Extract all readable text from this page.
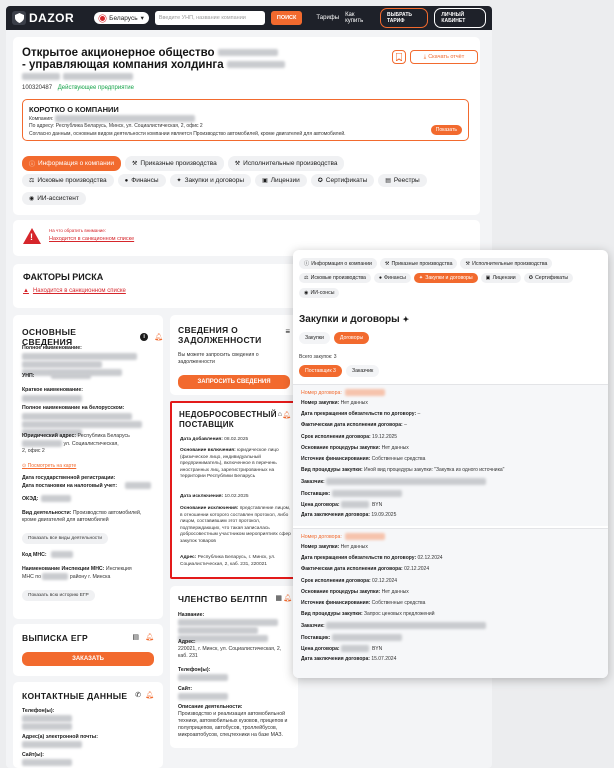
DAZOR	Беларусь ▾
Введите УНП, название компании	ПОИСК	Тарифы Как купить
ВЫБРАТЬ ТАРИФ
ЛИЧНЫЙ КАБИНЕТ
Открытое акционерное общество
- управляющая компания холдинга

100320487 Действующее предприятие
⤓ Скачать отчёт
КОРОТКО О КОМПАНИИ
Компания:
По адресу: Республика Беларусь, Минск, ул. Социалистическая, 2, офис 2
Согласно данным, основным видом деятельности компании является Производство автомобилей, кроме двигателей для автомобилей.
Показать
ⓘ Информация о компании	⚒ Приказные производства	⚒ Исполнительные производства
⚖ Исковые производства	● Финансы	✦ Закупки и договоры	▣ Лицензии	✪ Сертификаты	▤ Реестры
◉ ИИ-ассистент
!
На что обратить внимание:
Находится в санкционном списке
ФАКТОРЫ РИСКА
▲ Находится в санкционном списке
ОСНОВНЫЕ СВЕДЕНИЯ	i	🔔︎
Полное наименование:

УНП:
Краткое наименование:
Полное наименование на белорусском:

Юридический адрес: Республика Беларусь
ул. Социалистическая,
2, офис 2
⊙ Посмотреть на карте
Дата государственной регистрации:
Дата постановки на налоговый учет:
ОКЭД:
Вид деятельности: Производство автомобилей,
кроме двигателей для автомобилей
Показать все виды деятельности
Код МНС:
Наименование Инспекции МНС: Инспекция
МНС по	району г. Минска
Показать всю историю ЕГР
СВЕДЕНИЯ О ЗАДОЛЖЕННОСТИ
≡
Вы можете запросить сведения о задолженности
ЗАПРОСИТЬ СВЕДЕНИЯ
НЕДОБРОСОВЕСТНЫЙ
ПОСТАВЩИК
⌂ 🔔︎
Дата добавления: 08.02.2025
Основание включения: юридическое лицо (физическое лицо, индивидуальный предприниматель), включенное в перечень иностранных лиц, зарегистрированных на территории Республики Беларусь
Дата исключения: 10.02.2025
Основание исключения: представление лицом, в отношении которого составлен протокол, либо лицом, составившим этот протокол, подтверждающих, что такая записалась добросовестным участником мероприятиях сфер закупок товаров
Адрес: Республика Беларусь, г. Минск, ул. Социалистическая, 2, каб. 231, 220021
ЧЛЕНСТВО БЕЛТПП ▦ 🔔︎
Название:

Адрес:
220021, г. Минск, ул. Социалистическая, 2, каб. 231
Телефон(ы):
Сайт:
Описание деятельности:
Производство и реализация автомобильной техники, автомобильных кузовов, прицепов и полуприцепов, автобусов, троллейбусов, микроавтобусов, спецтехники на базе МАЗ.
ВЫПИСКА ЕГР	▤ 🔔︎
ЗАКАЗАТЬ
КОНТАКТНЫЕ ДАННЫЕ ✆ 🔔︎
Телефон(ы):

Адрес(а) электронной почты:
Сайт(ы):
ⓘ Информация о компании	⚒ Приказные производства	⚒ Исполнительные производства
⚖ Исковые производства	● Финансы	✦ Закупки и договоры	▣ Лицензии	✪ Сертификаты
◉ ИИ-сонсы
Закупки и договоры ✦
Закупки	Договоры
Всего закупок: 3
Поставщик 3	Заказчик
Номер договора:
Номер закупки: Нет данных
Дата прекращения обязательств по договору: –
Фактическая дата исполнения договора: –
Срок исполнения договора: 19.12.2025
Основание процедуры закупки: Нет данных
Источник финансирования: Собственные средства
Вид процедуры закупки: Иной вид процедуры закупки: "Закупка из одного источника"
Заказчик:
Поставщик:
Цена договора:	BYN
Дата заключения договора: 19.09.2025
Номер договора:
Номер закупки: Нет данных
Дата прекращения обязательств по договору: 02.12.2024
Фактическая дата исполнения договора: 02.12.2024
Срок исполнения договора: 02.12.2024
Основание процедуры закупки: Нет данных
Источник финансирования: Собственные средства
Вид процедуры закупки: Запрос ценовых предложений
Заказчик:
Поставщик:
Цена договора:	BYN
Дата заключения договора: 15.07.2024
